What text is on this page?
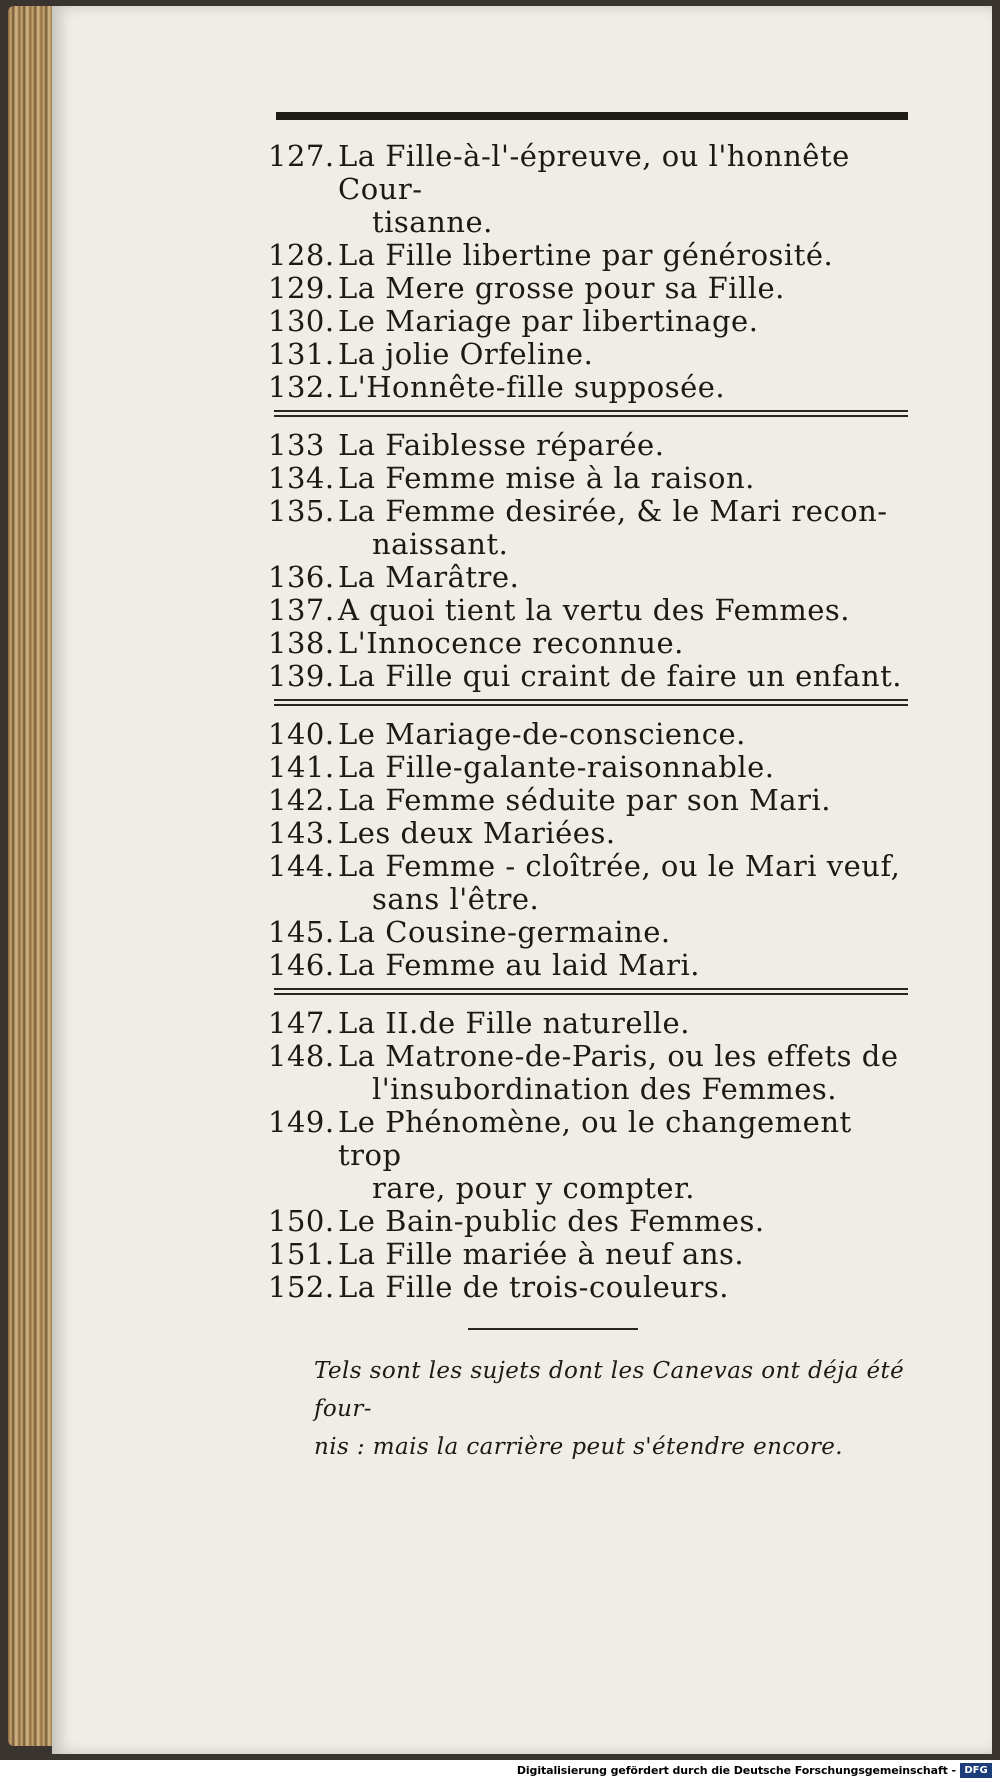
127. La Fille-à-l'-épreuve, ou l'honnête Cour-
tisanne.
128. La Fille libertine par générosité.
129. La Mere grosse pour sa Fille.
130. Le Mariage par libertinage.
131. La jolie Orfeline.
132. L'Honnête-fille supposée.
133 La Faiblesse réparée.
134. La Femme mise à la raison.
135. La Femme desirée, & le Mari recon-
naissant.
136. La Marâtre.
137. A quoi tient la vertu des Femmes.
138. L'Innocence reconnue.
139. La Fille qui craint de faire un enfant.
140. Le Mariage-de-conscience.
141. La Fille-galante-raisonnable.
142. La Femme séduite par son Mari.
143. Les deux Mariées.
144. La Femme - cloîtrée, ou le Mari veuf,
sans l'être.
145. La Cousine-germaine.
146. La Femme au laid Mari.
147. La II.de Fille naturelle.
148. La Matrone-de-Paris, ou les effets de
l'insubordination des Femmes.
149. Le Phénomène, ou le changement trop
rare, pour y compter.
150. Le Bain-public des Femmes.
151. La Fille mariée à neuf ans.
152. La Fille de trois-couleurs.
Tels sont les sujets dont les Canevas ont déja été four-
nis : mais la carrière peut s'étendre encore.
Digitalisierung gefördert durch die Deutsche Forschungsgemeinschaft - DFG
